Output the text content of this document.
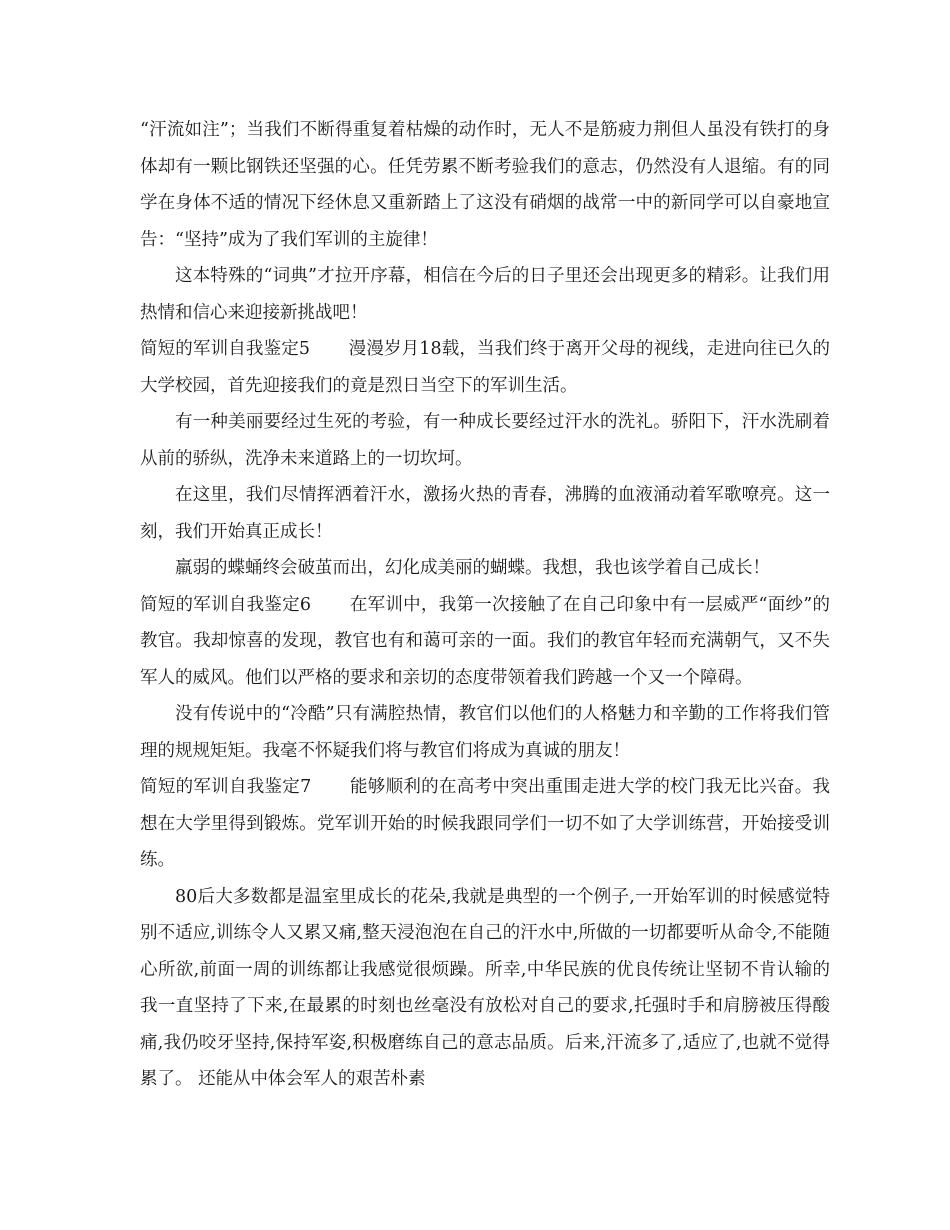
“汗流如注”；当我们不断得重复着枯燥的动作时，无人不是筋疲力荆但人虽没有铁打的身体却有一颗比钢铁还坚强的心。任凭劳累不断考验我们的意志，仍然没有人退缩。有的同学在身体不适的情况下经休息又重新踏上了这没有硝烟的战常一中的新同学可以自豪地宣告：“坚持”成为了我们军训的主旋律！

这本特殊的“词典”才拉开序幕，相信在今后的日子里还会出现更多的精彩。让我们用热情和信心来迎接新挑战吧！

简短的军训自我鉴定5 漫漫岁月18载，当我们终于离开父母的视线，走进向往已久的大学校园，首先迎接我们的竟是烈日当空下的军训生活。

有一种美丽要经过生死的考验，有一种成长要经过汗水的洗礼。骄阳下，汗水洗刷着从前的骄纵，洗净未来道路上的一切坎坷。

在这里，我们尽情挥洒着汗水，激扬火热的青春，沸腾的血液涌动着军歌嘹亮。这一刻，我们开始真正成长！

羸弱的蝶蛹终会破茧而出，幻化成美丽的蝴蝶。我想，我也该学着自己成长！

简短的军训自我鉴定6 在军训中，我第一次接触了在自己印象中有一层威严“面纱”的教官。我却惊喜的发现，教官也有和蔼可亲的一面。我们的教官年轻而充满朝气，又不失军人的威风。他们以严格的要求和亲切的态度带领着我们跨越一个又一个障碍。

没有传说中的“冷酷”只有满腔热情，教官们以他们的人格魅力和辛勤的工作将我们管理的规规矩矩。我毫不怀疑我们将与教官们将成为真诚的朋友！

简短的军训自我鉴定7 能够顺利的在高考中突出重围走进大学的校门我无比兴奋。我想在大学里得到锻炼。党军训开始的时候我跟同学们一切不如了大学训练营，开始接受训练。

80后大多数都是温室里成长的花朵,我就是典型的一个例子,一开始军训的时候感觉特别不适应,训练令人又累又痛,整天浸泡泡在自己的汗水中,所做的一切都要听从命令,不能随心所欲,前面一周的训练都让我感觉很烦躁。所幸,中华民族的优良传统让坚韧不肯认输的我一直坚持了下来,在最累的时刻也丝毫没有放松对自己的要求,托强时手和肩膀被压得酸痛,我仍咬牙坚持,保持军姿,积极磨练自己的意志品质。后来,汗流多了,适应了,也就不觉得累了。 还能从中体会军人的艰苦朴素
